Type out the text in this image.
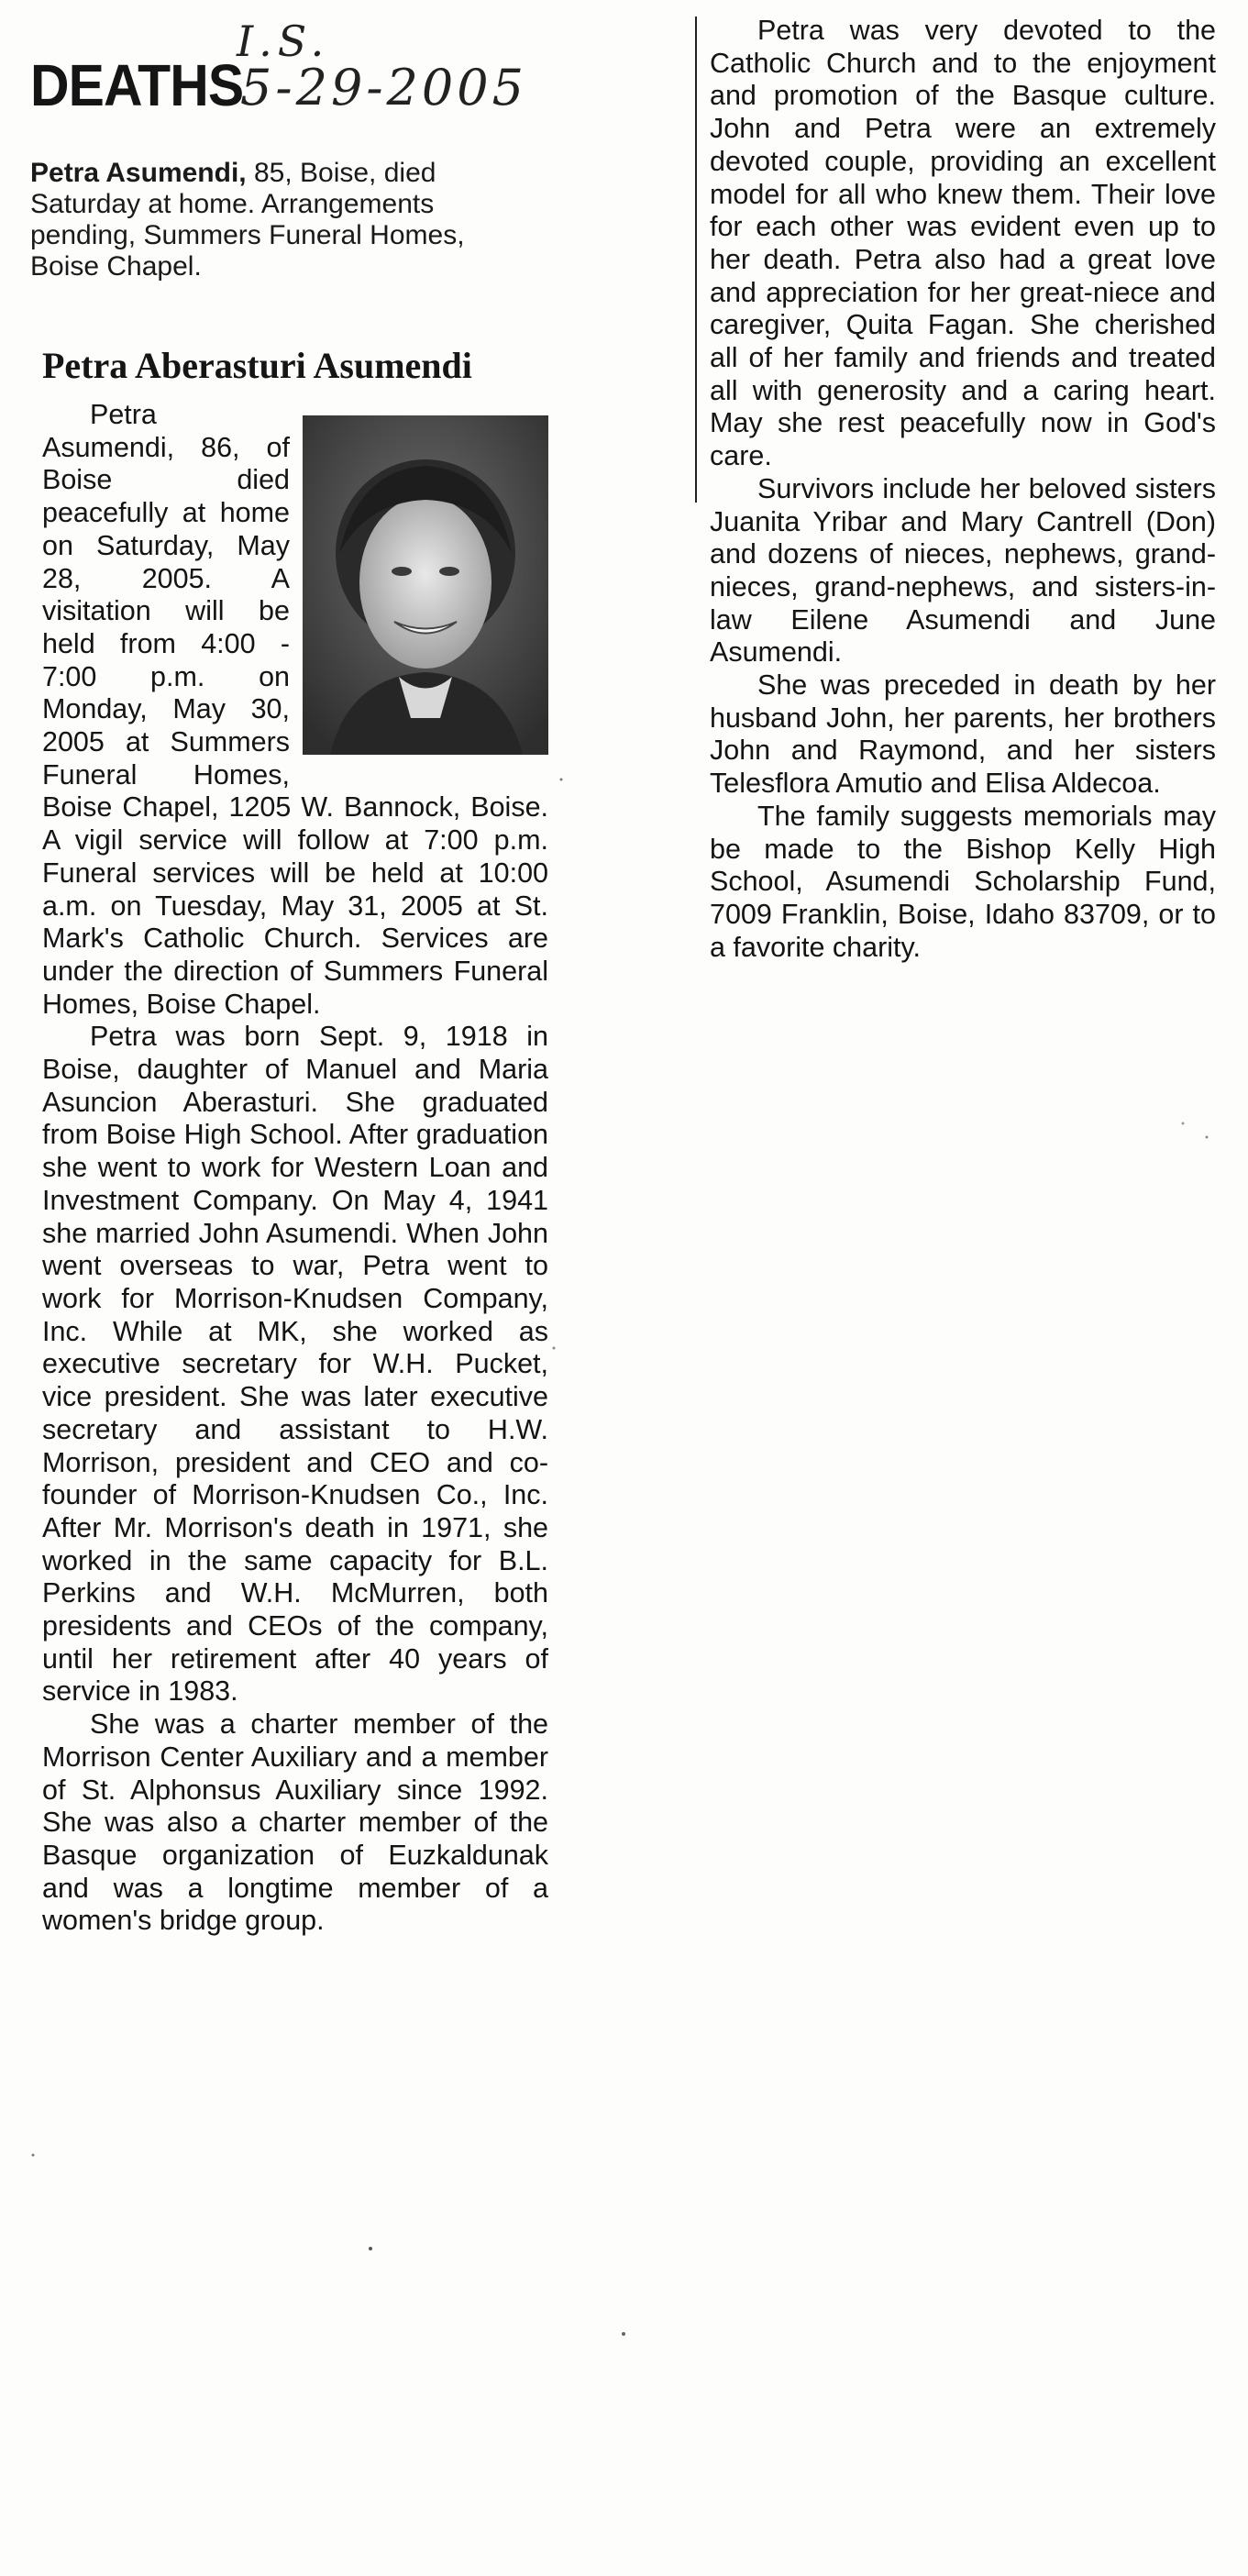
I.S.
5-29-2005
DEATHS
Petra Asumendi, 85, Boise, died Saturday at home. Arrangements pending, Summers Funeral Homes, Boise Chapel.
Petra Aberasturi Asumendi

Petra Asumendi, 86, of Boise died peacefully at home on Saturday, May 28, 2005. A visitation will be held from 4:00 - 7:00 p.m. on Monday, May 30, 2005 at Summers Funeral Homes, Boise Chapel, 1205 W. Bannock, Boise. A vigil service will follow at 7:00 p.m. Funeral services will be held at 10:00 a.m. on Tuesday, May 31, 2005 at St. Mark's Catholic Church. Services are under the direction of Summers Funeral Homes, Boise Chapel.

Petra was born Sept. 9, 1918 in Boise, daughter of Manuel and Maria Asuncion Aberasturi. She graduated from Boise High School. After graduation she went to work for Western Loan and Investment Company. On May 4, 1941 she married John Asumendi. When John went overseas to war, Petra went to work for Morrison-Knudsen Company, Inc. While at MK, she worked as executive secretary for W.H. Pucket, vice president. She was later executive secretary and assistant to H.W. Morrison, president and CEO and co-founder of Morrison-Knudsen Co., Inc. After Mr. Morrison's death in 1971, she worked in the same capacity for B.L. Perkins and W.H. McMurren, both presidents and CEOs of the company, until her retirement after 40 years of service in 1983.

She was a charter member of the Morrison Center Auxiliary and a member of St. Alphonsus Auxiliary since 1992. She was also a charter member of the Basque organization of Euzkaldunak and was a longtime member of a women's bridge group.

Petra was very devoted to the Catholic Church and to the enjoyment and promotion of the Basque culture. John and Petra were an extremely devoted couple, providing an excellent model for all who knew them. Their love for each other was evident even up to her death. Petra also had a great love and appreciation for her great-niece and caregiver, Quita Fagan. She cherished all of her family and friends and treated all with generosity and a caring heart. May she rest peacefully now in God's care.

Survivors include her beloved sisters Juanita Yribar and Mary Cantrell (Don) and dozens of nieces, nephews, grand-nieces, grand-nephews, and sisters-in-law Eilene Asumendi and June Asumendi.

She was preceded in death by her husband John, her parents, her brothers John and Raymond, and her sisters Telesflora Amutio and Elisa Aldecoa.

The family suggests memorials may be made to the Bishop Kelly High School, Asumendi Scholarship Fund, 7009 Franklin, Boise, Idaho 83709, or to a favorite charity.
